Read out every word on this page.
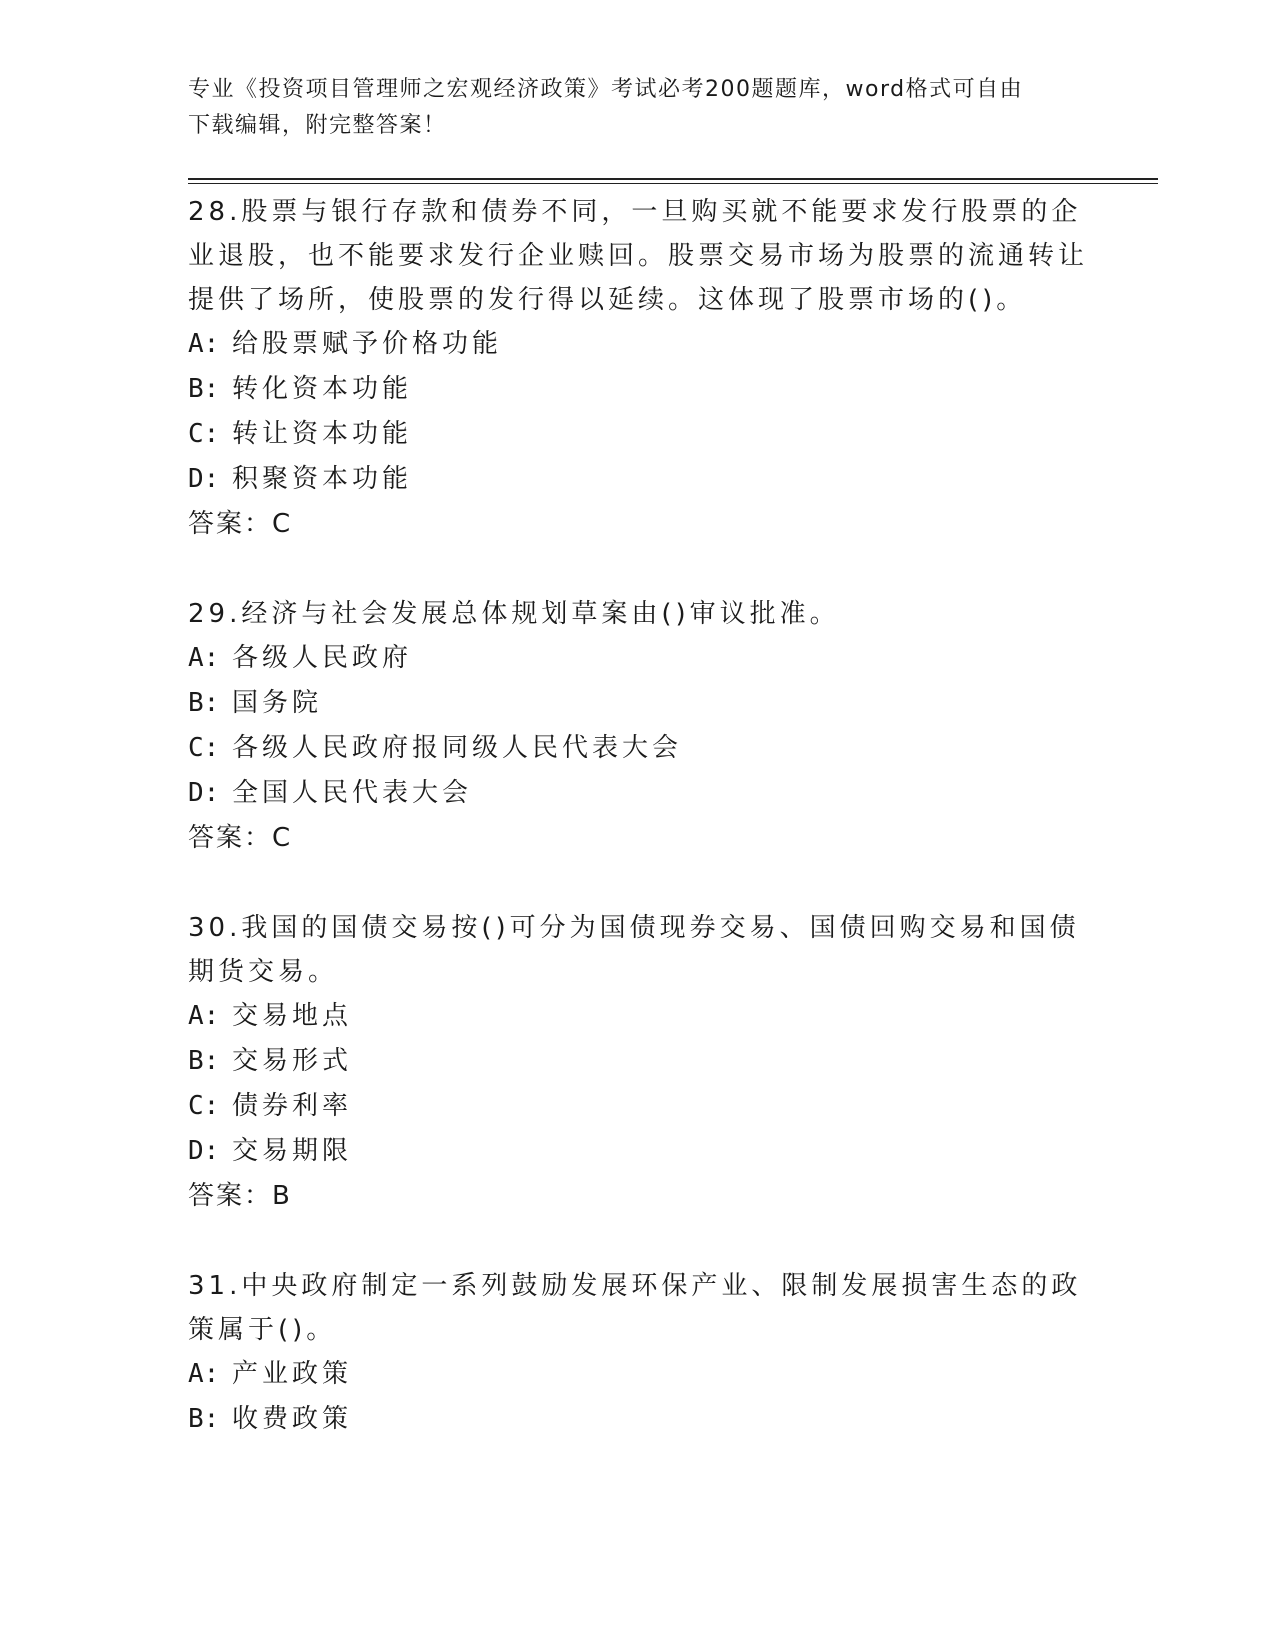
专业《投资项目管理师之宏观经济政策》考试必考200题题库，word格式可自由
下载编辑，附完整答案！
28.股票与银行存款和债券不同，一旦购买就不能要求发行股票的企业退股，也不能要求发行企业赎回。股票交易市场为股票的流通转让提供了场所，使股票的发行得以延续。这体现了股票市场的()。
A: 给股票赋予价格功能
B: 转化资本功能
C: 转让资本功能
D: 积聚资本功能
答案：C
29.经济与社会发展总体规划草案由()审议批准。
A: 各级人民政府
B: 国务院
C: 各级人民政府报同级人民代表大会
D: 全国人民代表大会
答案：C
30.我国的国债交易按()可分为国债现券交易、国债回购交易和国债期货交易。
A: 交易地点
B: 交易形式
C: 债券利率
D: 交易期限
答案：B
31.中央政府制定一系列鼓励发展环保产业、限制发展损害生态的政策属于()。
A: 产业政策
B: 收费政策
